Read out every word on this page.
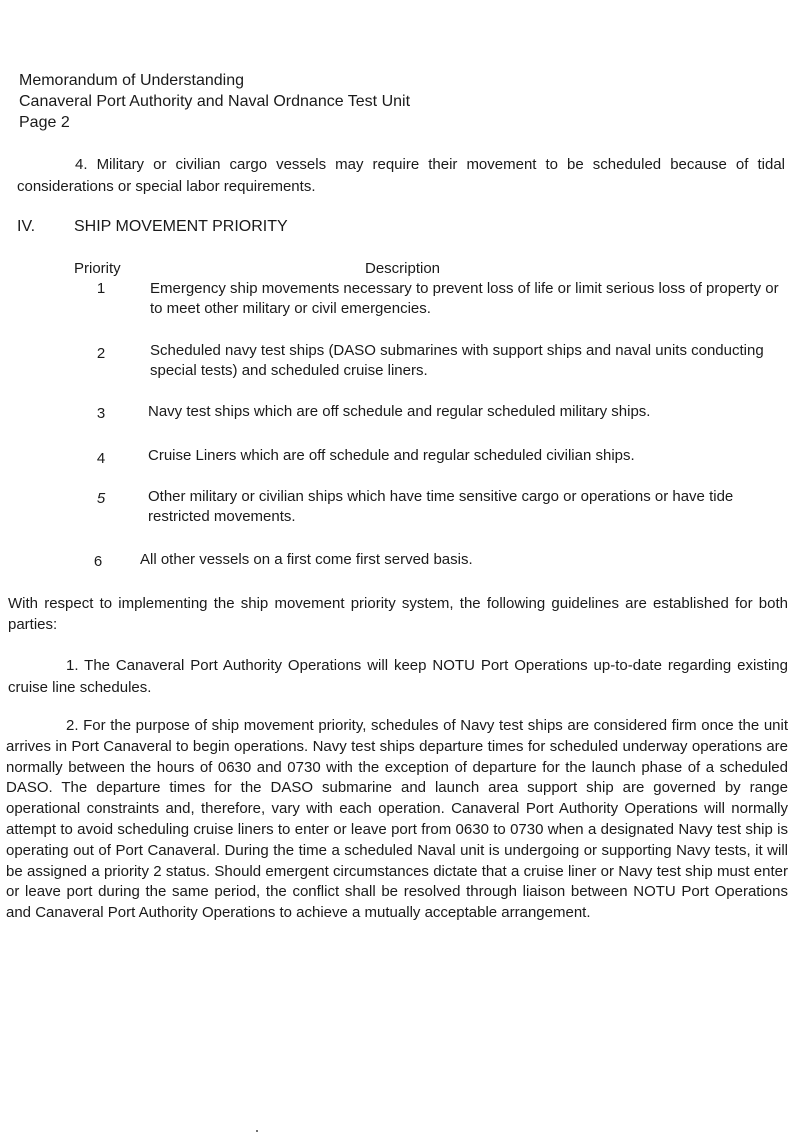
Memorandum of Understanding
Canaveral Port Authority and Naval Ordnance Test Unit
Page 2
4. Military or civilian cargo vessels may require their movement to be scheduled because of tidal considerations or special labor requirements.
IV. SHIP MOVEMENT PRIORITY
Priority	Description
1	Emergency ship movements necessary to prevent loss of life or limit serious loss of property or to meet other military or civil emergencies.
2	Scheduled navy test ships (DASO submarines with support ships and naval units conducting special tests) and scheduled cruise liners.
3	Navy test ships which are off schedule and regular scheduled military ships.
4	Cruise Liners which are off schedule and regular scheduled civilian ships.
5	Other military or civilian ships which have time sensitive cargo or operations or have tide restricted movements.
6	All other vessels on a first come first served basis.
With respect to implementing the ship movement priority system, the following guidelines are established for both parties:
1. The Canaveral Port Authority Operations will keep NOTU Port Operations up-to-date regarding existing cruise line schedules.
2. For the purpose of ship movement priority, schedules of Navy test ships are considered firm once the unit arrives in Port Canaveral to begin operations. Navy test ships departure times for scheduled underway operations are normally between the hours of 0630 and 0730 with the exception of departure for the launch phase of a scheduled DASO. The departure times for the DASO submarine and launch area support ship are governed by range operational constraints and, therefore, vary with each operation. Canaveral Port Authority Operations will normally attempt to avoid scheduling cruise liners to enter or leave port from 0630 to 0730 when a designated Navy test ship is operating out of Port Canaveral. During the time a scheduled Naval unit is undergoing or supporting Navy tests, it will be assigned a priority 2 status. Should emergent circumstances dictate that a cruise liner or Navy test ship must enter or leave port during the same period, the conflict shall be resolved through liaison between NOTU Port Operations and Canaveral Port Authority Operations to achieve a mutually acceptable arrangement.
